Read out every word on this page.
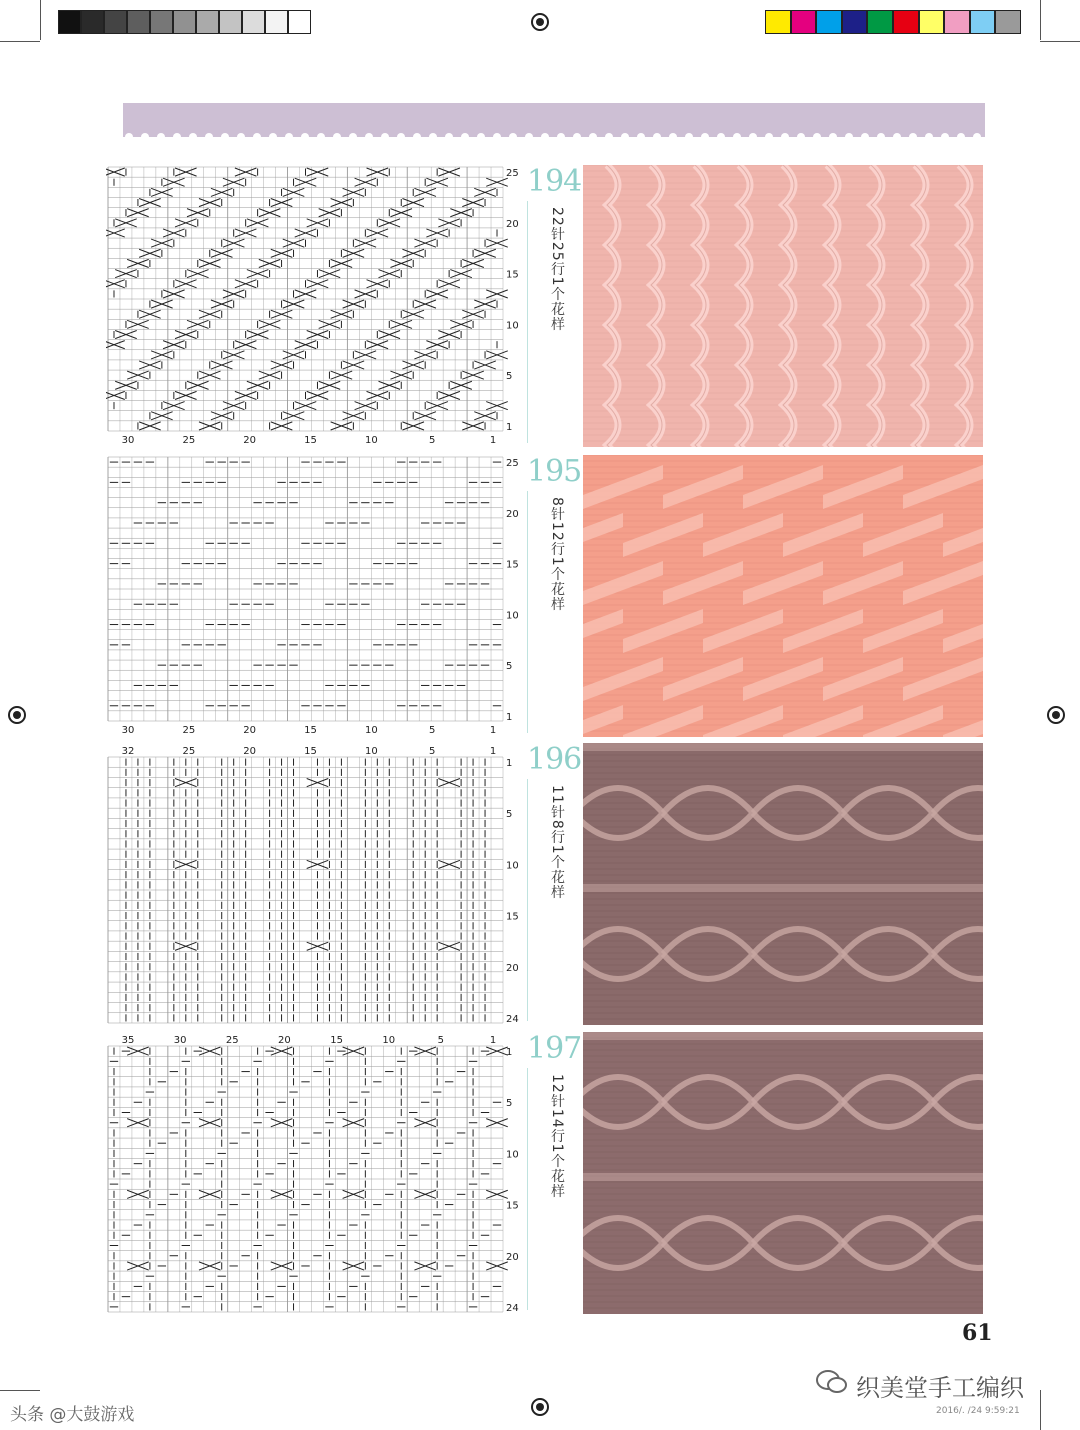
25
20
15
10
5
1
30	25	20	15	10	5	1
194
22针25行1个花样
25
20
15
10
5
1
30	25	20	15	10	5	1
195
8针12行1个花样
1
5
10
15
20
24
32	25	20	15	10	5	1 196
11针8行1个花样
1
5
10
15
20
24
35	30	25	20	15	10	5	1 197
12针14行1个花样
61
织美堂手工编织
头条 @大鼓游戏	2016/. /24 9:59:21
